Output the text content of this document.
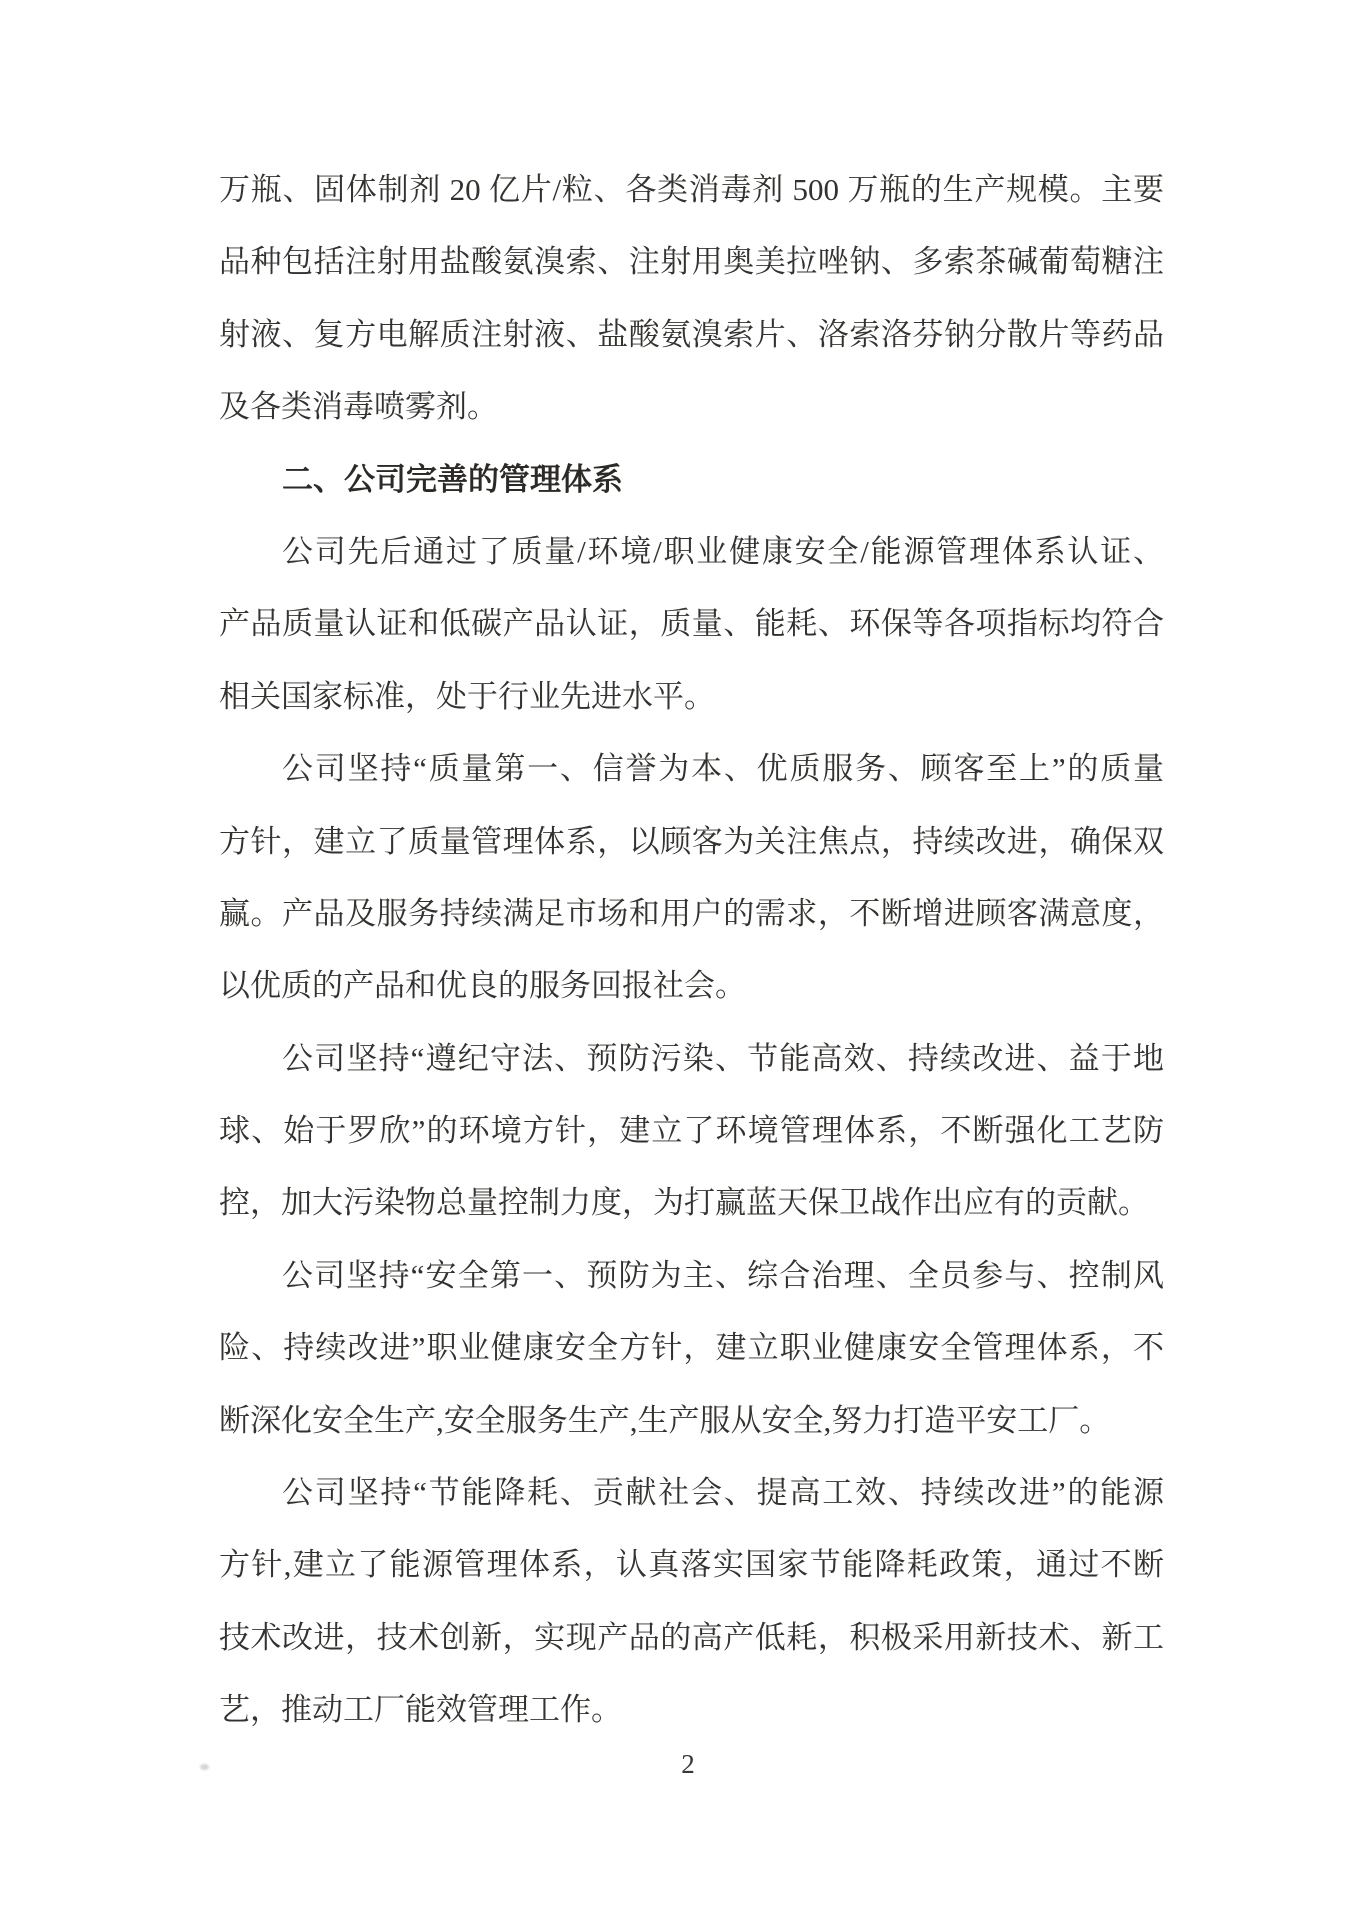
万瓶、固体制剂 20 亿片/粒、各类消毒剂 500 万瓶的生产规模。主要
品种包括注射用盐酸氨溴索、注射用奥美拉唑钠、多索茶碱葡萄糖注
射液、复方电解质注射液、盐酸氨溴索片、洛索洛芬钠分散片等药品
及各类消毒喷雾剂。
二、公司完善的管理体系
公司先后通过了质量/环境/职业健康安全/能源管理体系认证、
产品质量认证和低碳产品认证，质量、能耗、环保等各项指标均符合
相关国家标准，处于行业先进水平。
公司坚持“质量第一、信誉为本、优质服务、顾客至上”的质量
方针，建立了质量管理体系，以顾客为关注焦点，持续改进，确保双
赢。产品及服务持续满足市场和用户的需求，不断增进顾客满意度，
以优质的产品和优良的服务回报社会。
公司坚持“遵纪守法、预防污染、节能高效、持续改进、益于地
球、始于罗欣”的环境方针，建立了环境管理体系，不断强化工艺防
控，加大污染物总量控制力度，为打赢蓝天保卫战作出应有的贡献。
公司坚持“安全第一、预防为主、综合治理、全员参与、控制风
险、持续改进”职业健康安全方针，建立职业健康安全管理体系，不
断深化安全生产,安全服务生产,生产服从安全,努力打造平安工厂。
公司坚持“节能降耗、贡献社会、提高工效、持续改进”的能源
方针,建立了能源管理体系，认真落实国家节能降耗政策，通过不断
技术改进，技术创新，实现产品的高产低耗，积极采用新技术、新工
艺，推动工厂能效管理工作。
2
